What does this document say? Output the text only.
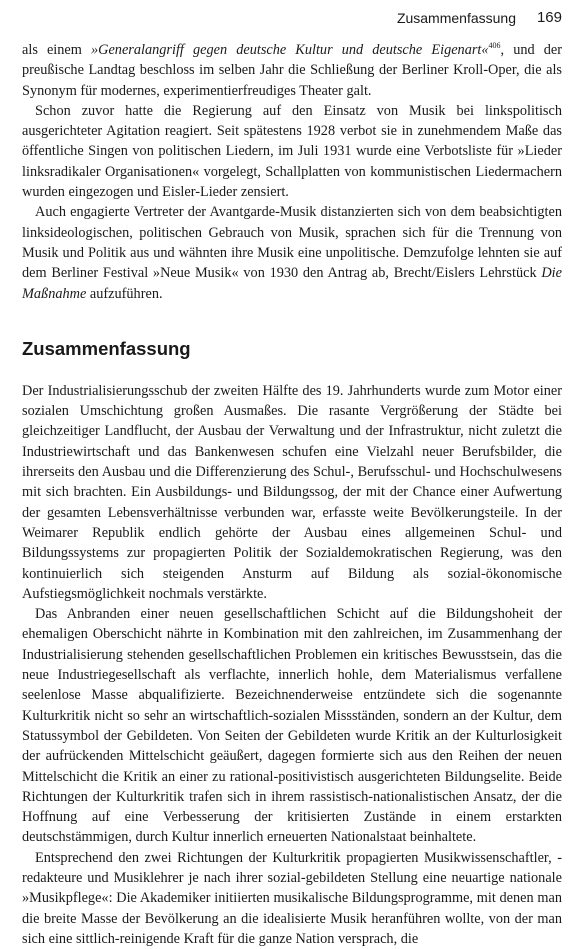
Zusammenfassung 169

als einem »Generalangriff gegen deutsche Kultur und deutsche Eigenart«$^{406}$, und der preußische Landtag beschloss im selben Jahr die Schließung der Berliner Kroll-Oper, die als Synonym für modernes, experimentierfreudiges Theater galt.

Schon zuvor hatte die Regierung auf den Einsatz von Musik bei linkspolitisch ausgerichteter Agitation reagiert. Seit spätestens 1928 verbot sie in zunehmendem Maße das öffentliche Singen von politischen Liedern, im Juli 1931 wurde eine Verbotsliste für »Lieder linksradikaler Organisationen« vorgelegt, Schallplatten von kommunistischen Liedermachern wurden eingezogen und Eisler-Lieder zensiert.

Auch engagierte Vertreter der Avantgarde-Musik distanzierten sich von dem beabsichtigten linksideologischen, politischen Gebrauch von Musik, sprachen sich für die Trennung von Musik und Politik aus und wähnten ihre Musik eine unpolitische. Demzufolge lehnten sie auf dem Berliner Festival »Neue Musik« von 1930 den Antrag ab, Brecht/Eislers Lehrstück Die Maßnahme aufzuführen.

Zusammenfassung

Der Industrialisierungsschub der zweiten Hälfte des 19. Jahrhunderts wurde zum Motor einer sozialen Umschichtung großen Ausmaßes. Die rasante Vergrößerung der Städte bei gleichzeitiger Landflucht, der Ausbau der Verwaltung und der Infrastruktur, nicht zuletzt die Industriewirtschaft und das Bankenwesen schufen eine Vielzahl neuer Berufsbilder, die ihrerseits den Ausbau und die Differenzierung des Schul-, Berufsschul- und Hochschulwesens mit sich brachten. Ein Ausbildungs- und Bildungssog, der mit der Chance einer Aufwertung der gesamten Lebensverhältnisse verbunden war, erfasste weite Bevölkerungsteile. In der Weimarer Republik endlich gehörte der Ausbau eines allgemeinen Schul- und Bildungssystems zur propagierten Politik der Sozialdemokratischen Regierung, was den kontinuierlich sich steigenden Ansturm auf Bildung als sozial-ökonomische Aufstiegsmöglichkeit nochmals verstärkte.

Das Anbranden einer neuen gesellschaftlichen Schicht auf die Bildungshoheit der ehemaligen Oberschicht nährte in Kombination mit den zahlreichen, im Zusammenhang der Industrialisierung stehenden gesellschaftlichen Problemen ein kritisches Bewusstsein, das die neue Industriegesellschaft als verflachte, innerlich hohle, dem Materialismus verfallene seelenlose Masse abqualifizierte. Bezeichnenderweise entzündete sich die sogenannte Kulturkritik nicht so sehr an wirtschaftlich-sozialen Missständen, sondern an der Kultur, dem Statussymbol der Gebildeten. Von Seiten der Gebildeten wurde Kritik an der Kulturlosigkeit der aufrückenden Mittelschicht geäußert, dagegen formierte sich aus den Reihen der neuen Mittelschicht die Kritik an einer zu rational-positivistisch ausgerichteten Bildungselite. Beide Richtungen der Kulturkritik trafen sich in ihrem rassistisch-nationalistischen Ansatz, der die Hoffnung auf eine Verbesserung der kritisierten Zustände in einem erstarkten deutschstämmigen, durch Kultur innerlich erneuerten Nationalstaat beinhaltete.

Entsprechend den zwei Richtungen der Kulturkritik propagierten Musikwissenschaftler, -redakteure und Musiklehrer je nach ihrer sozial-gebildeten Stellung eine neuartige nationale »Musikpflege«: Die Akademiker initiierten musikalische Bildungsprogramme, mit denen man die breite Masse der Bevölkerung an die idealisierte Musik heranführen wollte, von der man sich eine sittlich-reinigende Kraft für die ganze Nation versprach, die
